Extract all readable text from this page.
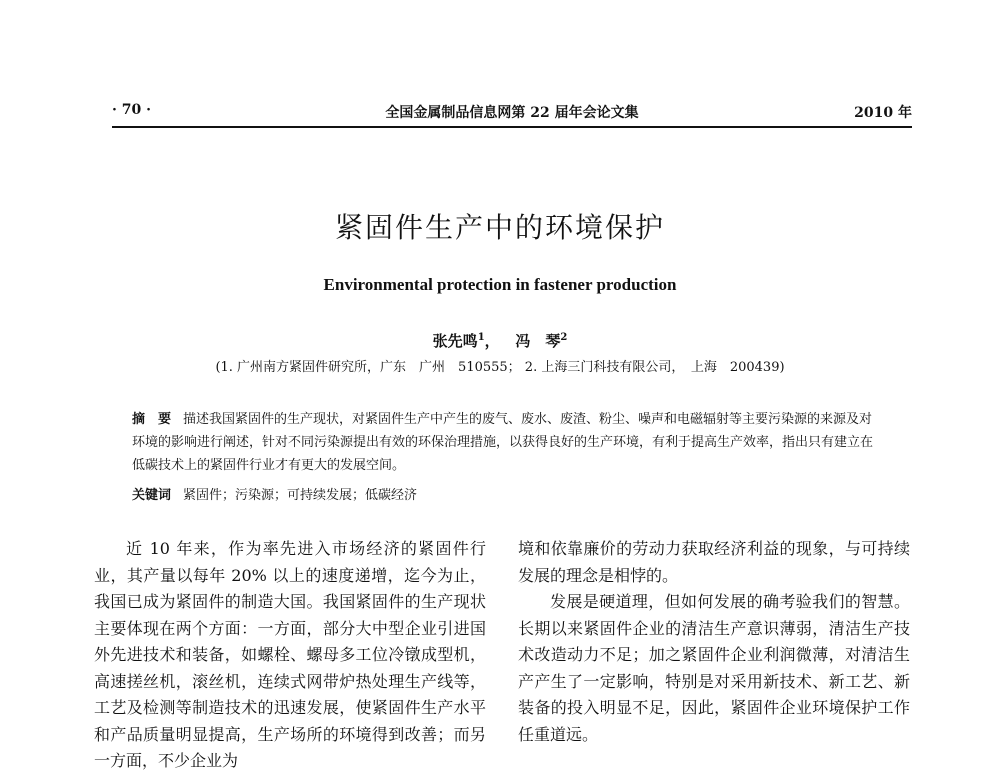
全国金属制品信息网第 22 届年会论文集
· 70 ·	2010 年
紧固件生产中的环境保护
Environmental protection in fastener production
张先鸣$^1$， 冯　琴$^2$
(1. 广州南方紧固件研究所，广东　广州　510555； 2. 上海三门科技有限公司，　上海　200439)
摘　要 描述我国紧固件的生产现状，对紧固件生产中产生的废气、废水、废渣、粉尘、噪声和电磁辐射等主要污染源的来源及对环境的影响进行阐述，针对不同污染源提出有效的环保治理措施，以获得良好的生产环境，有利于提高生产效率，指出只有建立在低碳技术上的紧固件行业才有更大的发展空间。
关键词 紧固件；污染源；可持续发展；低碳经济

近 10 年来，作为率先进入市场经济的紧固件行业，其产量以每年 20% 以上的速度递增，迄今为止，我国已成为紧固件的制造大国。我国紧固件的生产现状主要体现在两个方面：一方面，部分大中型企业引进国外先进技术和装备，如螺栓、螺母多工位冷镦成型机，高速搓丝机，滚丝机，连续式网带炉热处理生产线等，工艺及检测等制造技术的迅速发展，使紧固件生产水平和产品质量明显提高，生产场所的环境得到改善；而另一方面，不少企业为

境和依靠廉价的劳动力获取经济利益的现象，与可持续发展的理念是相悖的。

发展是硬道理，但如何发展的确考验我们的智慧。长期以来紧固件企业的清洁生产意识薄弱，清洁生产技术改造动力不足；加之紧固件企业利润微薄，对清洁生产产生了一定影响，特别是对采用新技术、新工艺、新装备的投入明显不足，因此，紧固件企业环境保护工作任重道远。
